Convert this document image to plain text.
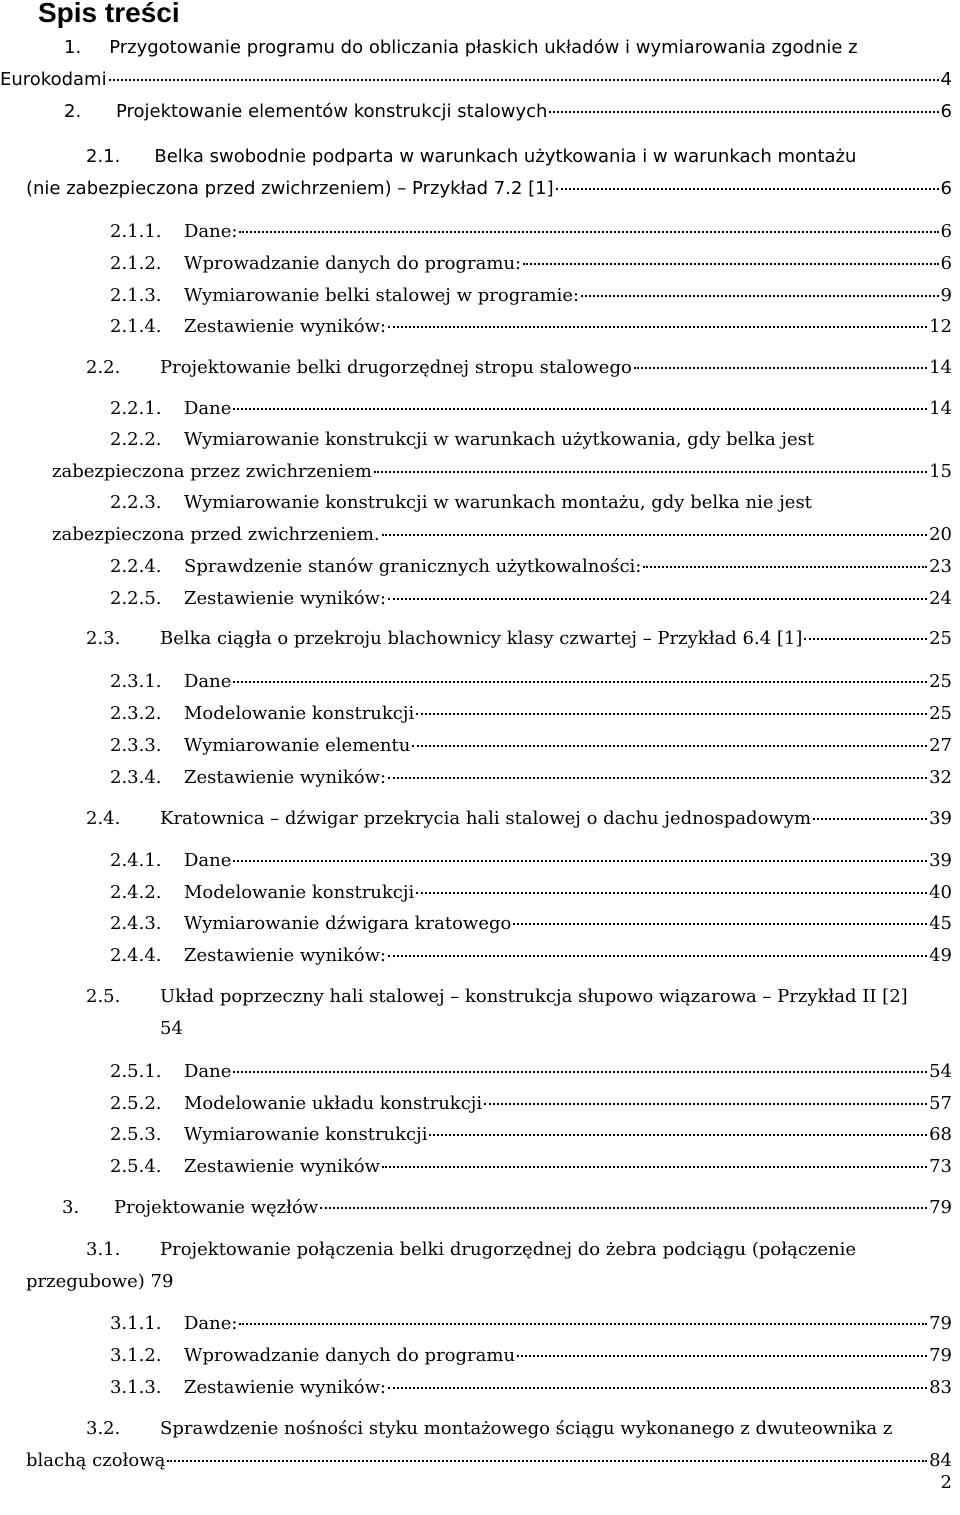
Spis treści
1. Przygotowanie programu do obliczania płaskich układów i wymiarowania zgodnie z
Eurokodami	4
2.	Projektowanie elementów konstrukcji stalowych	6
2.1. Belka swobodnie podparta w warunkach użytkowania i w warunkach montażu
(nie zabezpieczona przed zwichrzeniem) – Przykład 7.2 [1]	6
2.1.1.	Dane:	6
2.1.2.	Wprowadzanie danych do programu:	6
2.1.3.	Wymiarowanie belki stalowej w programie:	9
2.1.4.	Zestawienie wyników:	12
2.2.	Projektowanie belki drugorzędnej stropu stalowego	14
2.2.1.	Dane	14
2.2.2. Wymiarowanie konstrukcji w warunkach użytkowania, gdy belka jest
zabezpieczona przez zwichrzeniem	15
2.2.3. Wymiarowanie konstrukcji w warunkach montażu, gdy belka nie jest
zabezpieczona przed zwichrzeniem.	20
2.2.4.	Sprawdzenie stanów granicznych użytkowalności:	23
2.2.5.	Zestawienie wyników:	24
2.3.	Belka ciągła o przekroju blachownicy klasy czwartej – Przykład 6.4 [1]	25
2.3.1.	Dane	25
2.3.2.	Modelowanie konstrukcji	25
2.3.3.	Wymiarowanie elementu	27
2.3.4.	Zestawienie wyników:	32
2.4.	Kratownica – dźwigar przekrycia hali stalowej o dachu jednospadowym	39
2.4.1.	Dane	39
2.4.2.	Modelowanie konstrukcji	40
2.4.3.	Wymiarowanie dźwigara kratowego	45
2.4.4.	Zestawienie wyników:	49
2.5. Układ poprzeczny hali stalowej – konstrukcja słupowo wiązarowa – Przykład II [2]
54
2.5.1.	Dane	54
2.5.2.	Modelowanie układu konstrukcji	57
2.5.3.	Wymiarowanie konstrukcji	68
2.5.4.	Zestawienie wyników	73
3.	Projektowanie węzłów	79
3.1. Projektowanie połączenia belki drugorzędnej do żebra podciągu (połączenie
przegubowe) 79
3.1.1.	Dane:	79
3.1.2.	Wprowadzanie danych do programu	79
3.1.3.	Zestawienie wyników:	83
3.2. Sprawdzenie nośności styku montażowego ściągu wykonanego z dwuteownika z
blachą czołową	84
2
